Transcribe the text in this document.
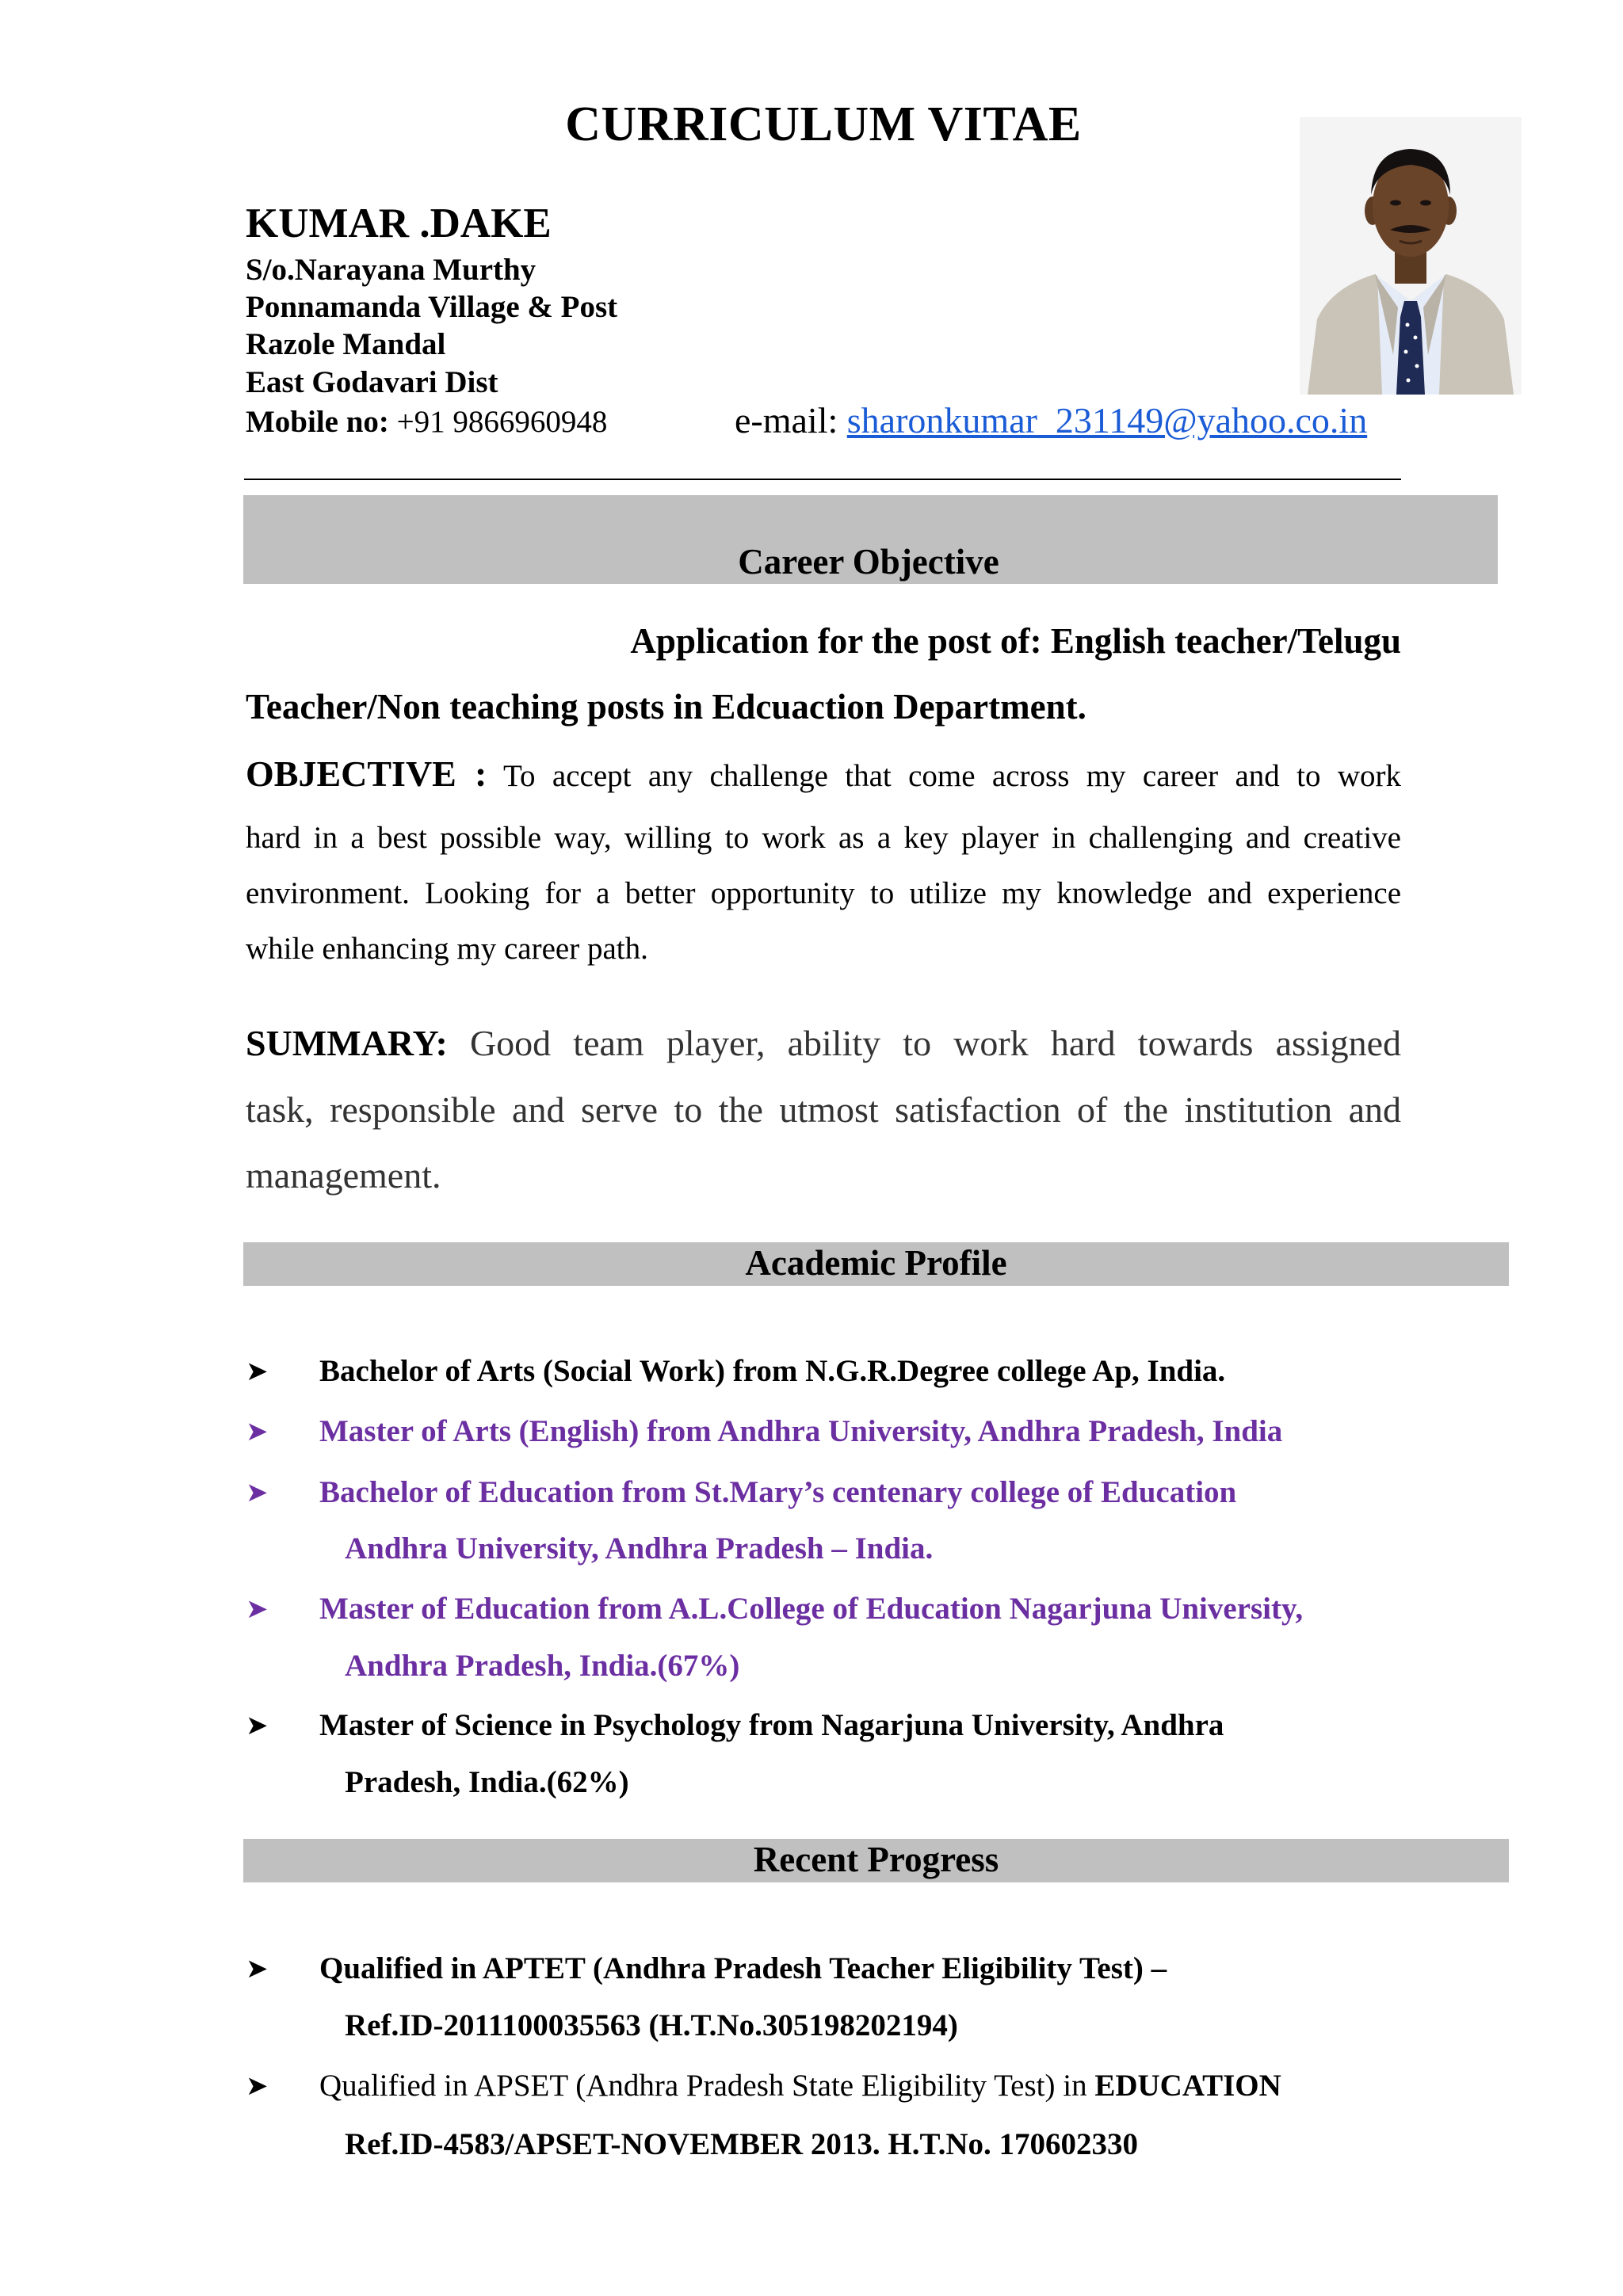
CURRICULUM VITAE
KUMAR .DAKE
S/o.Narayana Murthy
Ponnamanda Village & Post
Razole Mandal
East Godavari Dist
Mobile no: +91 9866960948	e-mail: sharonkumar_231149@yahoo.co.in
Career Objective
Application for the post of: English teacher/Telugu
Teacher/Non teaching posts in Edcuaction Department.
OBJECTIVE : To accept any challenge that come across my career and to work
hard in a best possible way, willing to work as a key player in challenging and creative
environment. Looking for a better opportunity to utilize my knowledge and experience
while enhancing my career path.
SUMMARY: Good team player, ability to work hard towards assigned
task, responsible and serve to the utmost satisfaction of the institution and
management.
Academic Profile
➤	Bachelor of Arts (Social Work) from N.G.R.Degree college Ap, India.
➤	Master of Arts (English) from Andhra University, Andhra Pradesh, India
➤	Bachelor of Education from St.Mary’s centenary college of Education
Andhra University, Andhra Pradesh – India.
➤	Master of Education from A.L.College of Education Nagarjuna University,
Andhra Pradesh, India.(67%)
➤	Master of Science in Psychology from Nagarjuna University, Andhra
Pradesh, India.(62%)
Recent Progress
➤	Qualified in APTET (Andhra Pradesh Teacher Eligibility Test) –
Ref.ID-2011100035563 (H.T.No.305198202194)
➤	Qualified in APSET (Andhra Pradesh State Eligibility Test) in EDUCATION
Ref.ID-4583/APSET-NOVEMBER 2013. H.T.No. 170602330
